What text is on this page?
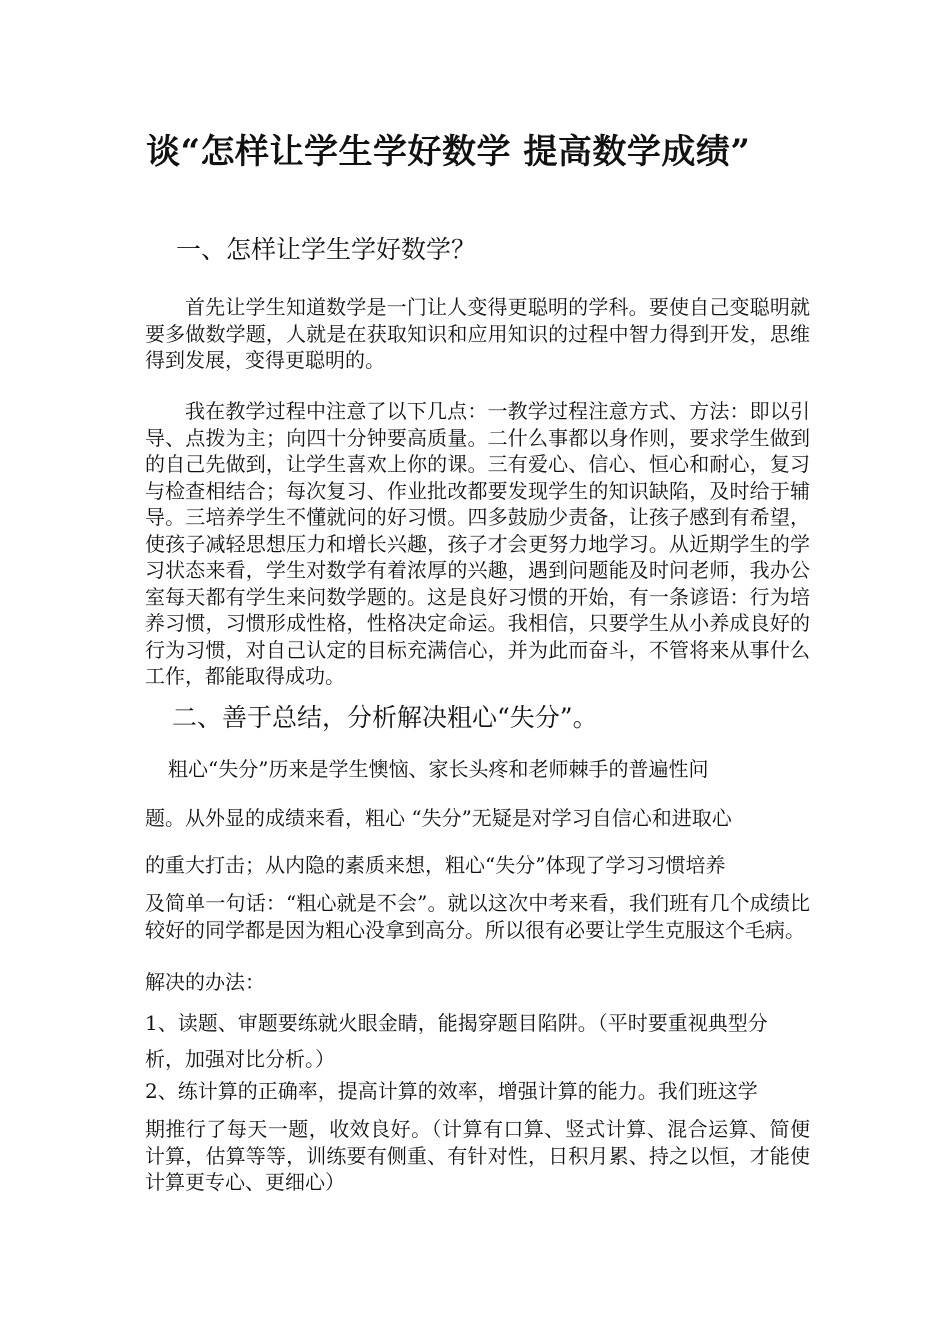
谈“怎样让学生学好数学 提高数学成绩”
一、怎样让学生学好数学？

首先让学生知道数学是一门让人变得更聪明的学科。要使自己变聪明就要多做数学题，人就是在获取知识和应用知识的过程中智力得到开发，思维得到发展，变得更聪明的。

我在教学过程中注意了以下几点：一教学过程注意方式、方法：即以引导、点拨为主；向四十分钟要高质量。二什么事都以身作则，要求学生做到的自己先做到，让学生喜欢上你的课。三有爱心、信心、恒心和耐心，复习与检查相结合；每次复习、作业批改都要发现学生的知识缺陷，及时给于辅导。三培养学生不懂就问的好习惯。四多鼓励少责备，让孩子感到有希望，使孩子减轻思想压力和增长兴趣，孩子才会更努力地学习。从近期学生的学习状态来看，学生对数学有着浓厚的兴趣，遇到问题能及时问老师，我办公室每天都有学生来问数学题的。这是良好习惯的开始，有一条谚语：行为培养习惯，习惯形成性格，性格决定命运。我相信，只要学生从小养成良好的行为习惯，对自己认定的目标充满信心，并为此而奋斗，不管将来从事什么工作，都能取得成功。

二、善于总结，分析解决粗心“失分”。

粗心“失分”历来是学生懊恼、家长头疼和老师棘手的普遍性问

题。从外显的成绩来看，粗心 “失分”无疑是对学习自信心和进取心

的重大打击；从内隐的素质来想，粗心“失分”体现了学习习惯培养

及简单一句话：“粗心就是不会”。就以这次中考来看，我们班有几个成绩比较好的同学都是因为粗心没拿到高分。所以很有必要让学生克服这个毛病。

解决的办法：

1、读题、审题要练就火眼金睛，能揭穿题目陷阱。（平时要重视典型分

析，加强对比分析。）

2、练计算的正确率，提高计算的效率，增强计算的能力。我们班这学

期推行了每天一题，收效良好。（计算有口算、竖式计算、混合运算、简便计算，估算等等，训练要有侧重、有针对性，日积月累、持之以恒，才能使计算更专心、更细心）
